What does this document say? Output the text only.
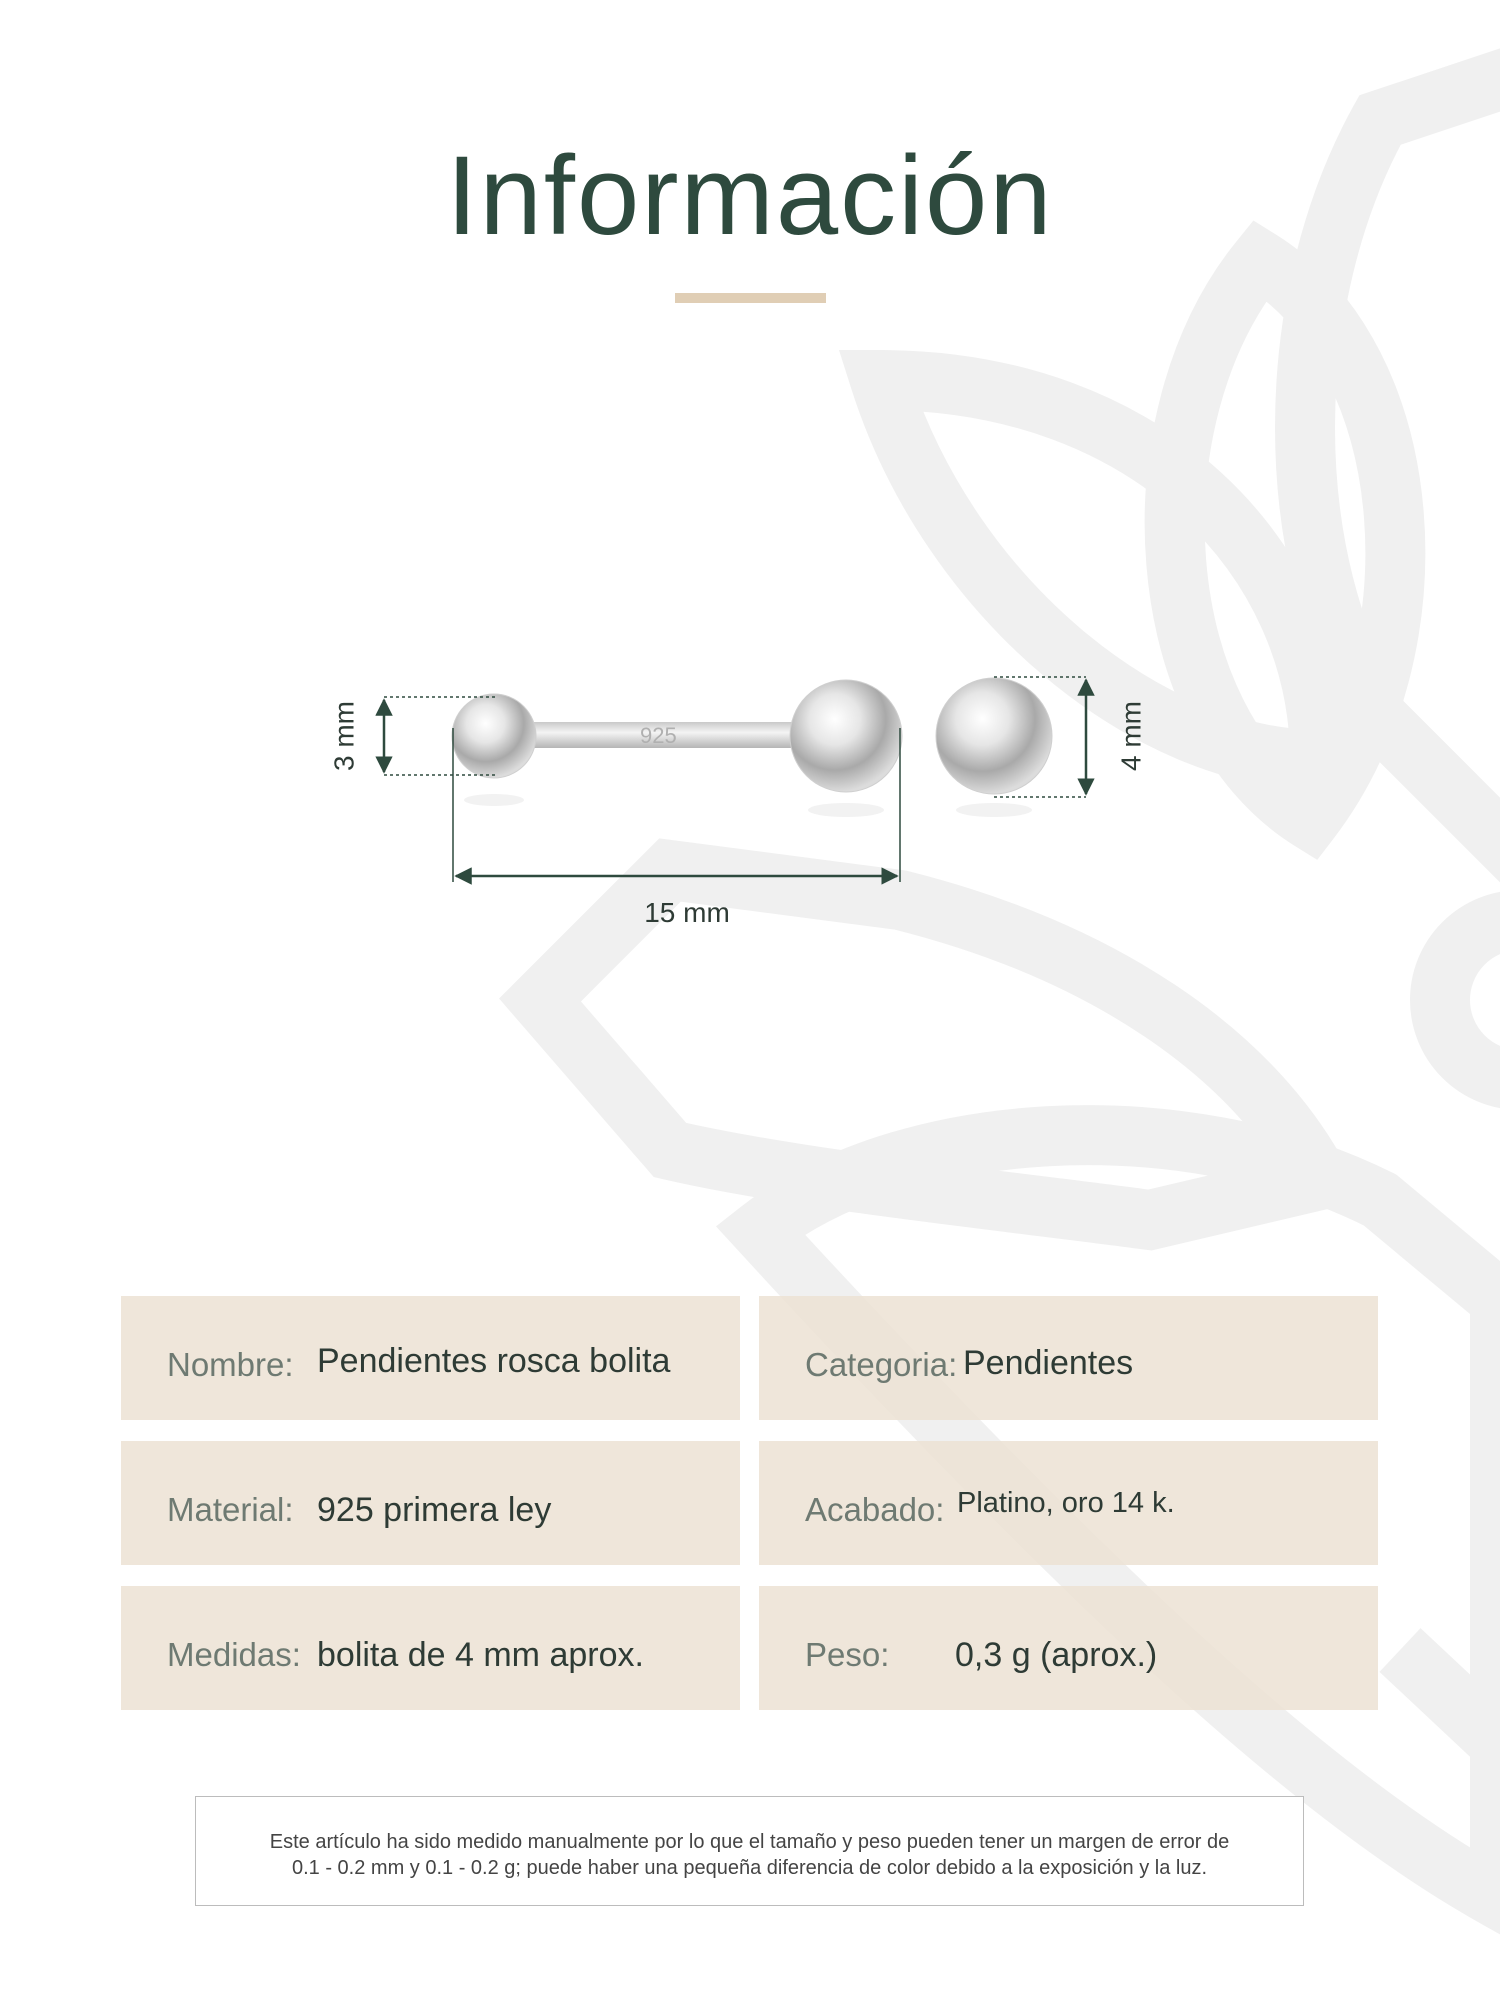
Información
925
3 mm	4 mm
15 mm
Nombre: Pendientes rosca bolita	Categoria: Pendientes
Material: 925 primera ley	Acabado: Platino, oro 14 k.
Medidas: bolita de 4 mm aprox.	Peso: 0,3 g (aprox.)
Este artículo ha sido medido manualmente por lo que el tamaño y peso pueden tener un margen de error de
0.1 - 0.2 mm y 0.1 - 0.2 g; puede haber una pequeña diferencia de color debido a la exposición y la luz.
